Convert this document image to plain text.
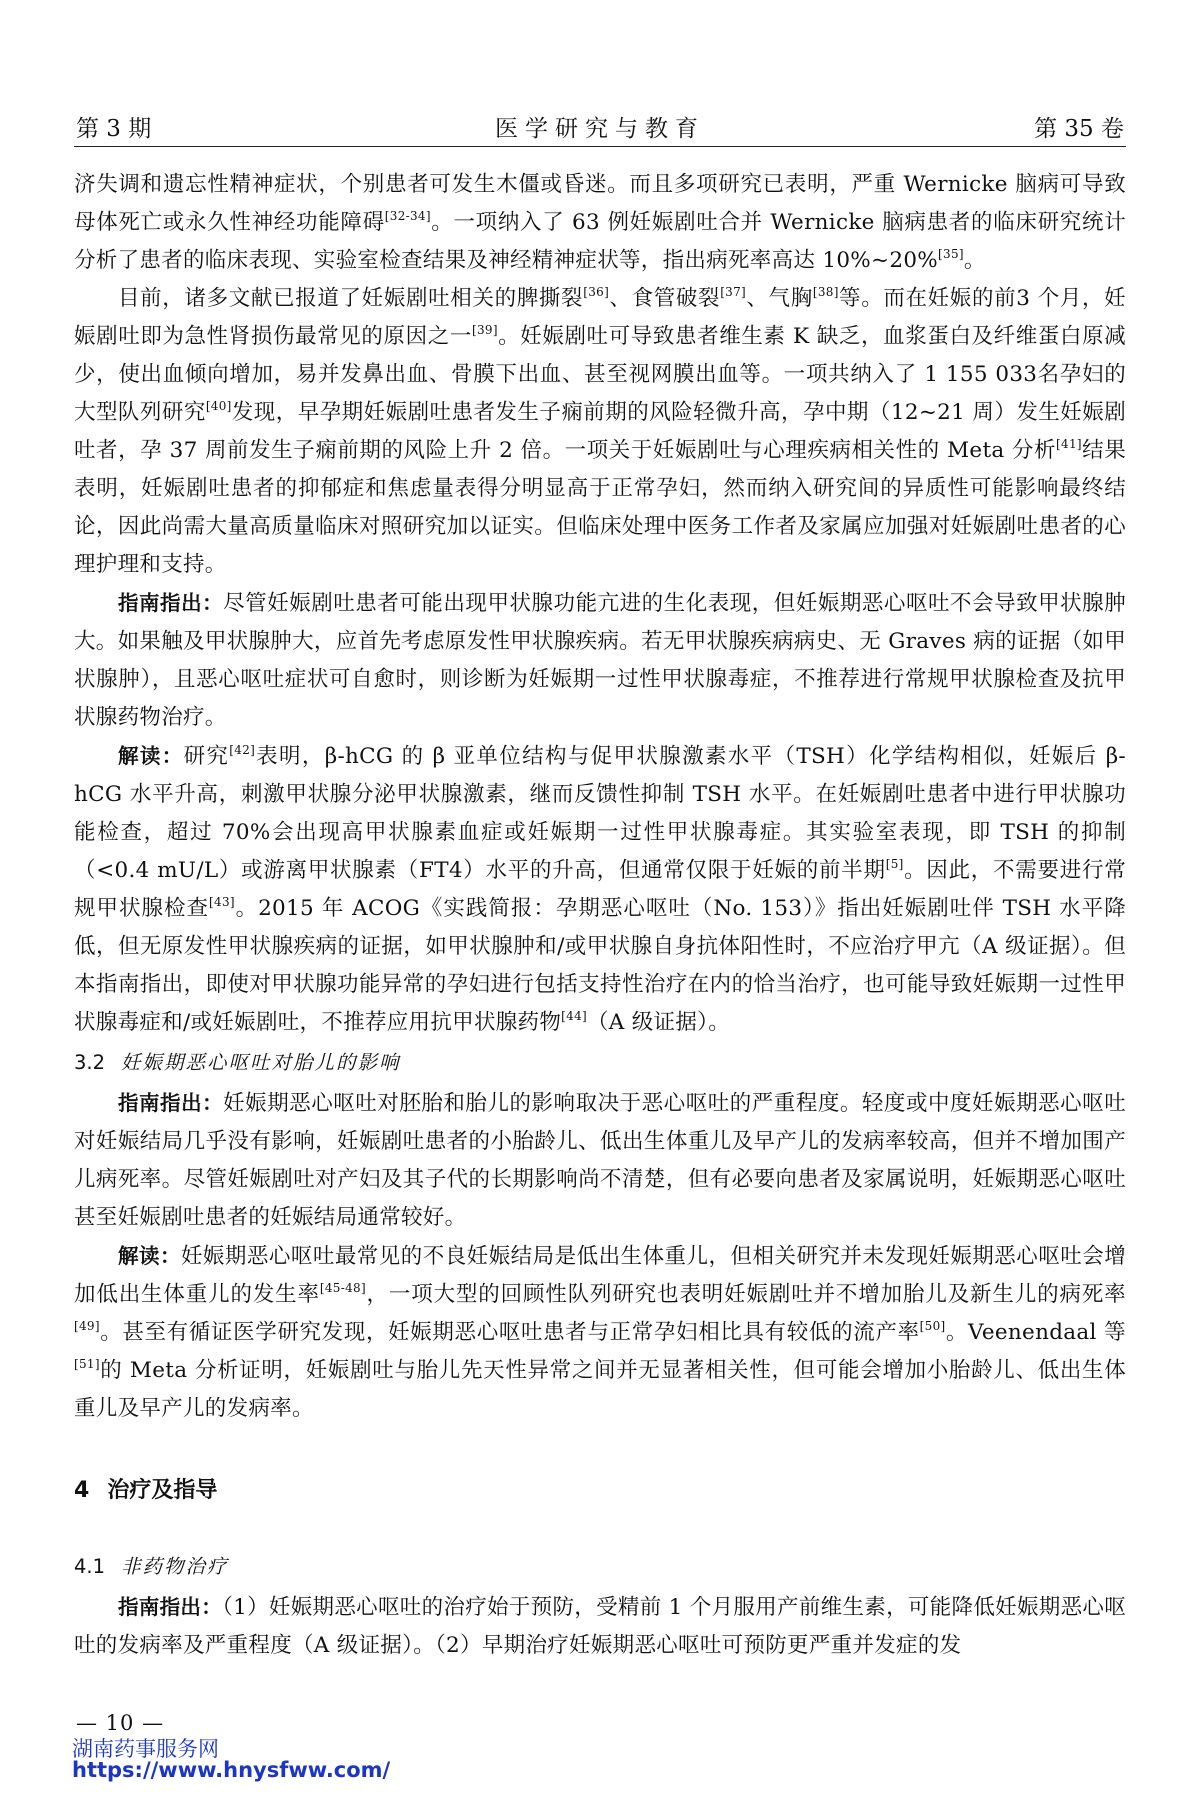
第 3 期	医学研究与教育	第 35 卷

济失调和遗忘性精神症状，个别患者可发生木僵或昏迷。而且多项研究已表明，严重 Wernicke 脑病可导致母体死亡或永久性神经功能障碍[32-34]。一项纳入了 63 例妊娠剧吐合并 Wernicke 脑病患者的临床研究统计分析了患者的临床表现、实验室检查结果及神经精神症状等，指出病死率高达 10%~20%[35]。

目前，诸多文献已报道了妊娠剧吐相关的脾撕裂[36]、食管破裂[37]、气胸[38]等。而在妊娠的前3 个月，妊娠剧吐即为急性肾损伤最常见的原因之一[39]。妊娠剧吐可导致患者维生素 K 缺乏，血浆蛋白及纤维蛋白原减少，使出血倾向增加，易并发鼻出血、骨膜下出血、甚至视网膜出血等。一项共纳入了 1 155 033名孕妇的大型队列研究[40]发现，早孕期妊娠剧吐患者发生子痫前期的风险轻微升高，孕中期（12~21 周）发生妊娠剧吐者，孕 37 周前发生子痫前期的风险上升 2 倍。一项关于妊娠剧吐与心理疾病相关性的 Meta 分析[41]结果表明，妊娠剧吐患者的抑郁症和焦虑量表得分明显高于正常孕妇，然而纳入研究间的异质性可能影响最终结论，因此尚需大量高质量临床对照研究加以证实。但临床处理中医务工作者及家属应加强对妊娠剧吐患者的心理护理和支持。

指南指出：尽管妊娠剧吐患者可能出现甲状腺功能亢进的生化表现，但妊娠期恶心呕吐不会导致甲状腺肿大。如果触及甲状腺肿大，应首先考虑原发性甲状腺疾病。若无甲状腺疾病病史、无 Graves 病的证据（如甲状腺肿），且恶心呕吐症状可自愈时，则诊断为妊娠期一过性甲状腺毒症，不推荐进行常规甲状腺检查及抗甲状腺药物治疗。

解读：研究[42]表明，β-hCG 的 β 亚单位结构与促甲状腺激素水平（TSH）化学结构相似，妊娠后 β-hCG 水平升高，刺激甲状腺分泌甲状腺激素，继而反馈性抑制 TSH 水平。在妊娠剧吐患者中进行甲状腺功能检查，超过 70%会出现高甲状腺素血症或妊娠期一过性甲状腺毒症。其实验室表现，即 TSH 的抑制（<0.4 mU/L）或游离甲状腺素（FT4）水平的升高，但通常仅限于妊娠的前半期[5]。因此，不需要进行常规甲状腺检查[43]。2015 年 ACOG《实践简报：孕期恶心呕吐（No. 153）》指出妊娠剧吐伴 TSH 水平降低，但无原发性甲状腺疾病的证据，如甲状腺肿和/或甲状腺自身抗体阳性时，不应治疗甲亢（A 级证据）。但本指南指出，即使对甲状腺功能异常的孕妇进行包括支持性治疗在内的恰当治疗，也可能导致妊娠期一过性甲状腺毒症和/或妊娠剧吐，不推荐应用抗甲状腺药物[44]（A 级证据）。

3.2 妊娠期恶心呕吐对胎儿的影响

指南指出：妊娠期恶心呕吐对胚胎和胎儿的影响取决于恶心呕吐的严重程度。轻度或中度妊娠期恶心呕吐对妊娠结局几乎没有影响，妊娠剧吐患者的小胎龄儿、低出生体重儿及早产儿的发病率较高，但并不增加围产儿病死率。尽管妊娠剧吐对产妇及其子代的长期影响尚不清楚，但有必要向患者及家属说明，妊娠期恶心呕吐甚至妊娠剧吐患者的妊娠结局通常较好。

解读：妊娠期恶心呕吐最常见的不良妊娠结局是低出生体重儿，但相关研究并未发现妊娠期恶心呕吐会增加低出生体重儿的发生率[45-48]，一项大型的回顾性队列研究也表明妊娠剧吐并不增加胎儿及新生儿的病死率[49]。甚至有循证医学研究发现，妊娠期恶心呕吐患者与正常孕妇相比具有较低的流产率[50]。Veenendaal 等[51]的 Meta 分析证明，妊娠剧吐与胎儿先天性异常之间并无显著相关性，但可能会增加小胎龄儿、低出生体重儿及早产儿的发病率。

4 治疗及指导
4.1 非药物治疗

指南指出：（1）妊娠期恶心呕吐的治疗始于预防，受精前 1 个月服用产前维生素，可能降低妊娠期恶心呕吐的发病率及严重程度（A 级证据）。（2）早期治疗妊娠期恶心呕吐可预防更严重并发症的发

— 10 —
湖南药事服务网
https://www.hnysfww.com/
